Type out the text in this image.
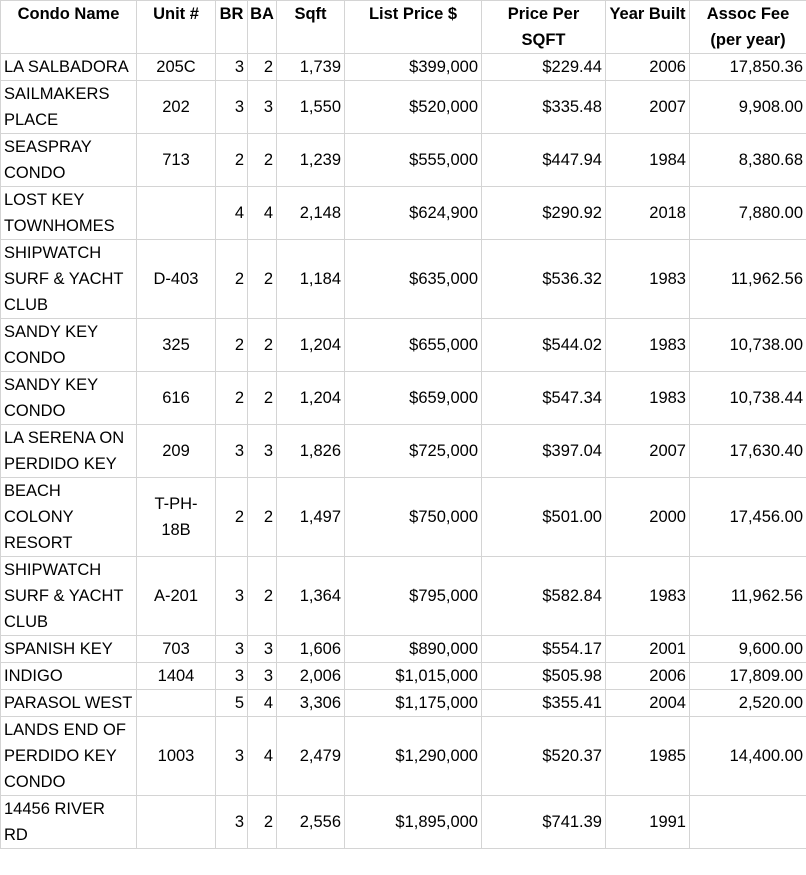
Condo Name	Unit #	BR	BA	Sqft	List Price $	Price Per SQFT	Year Built	Assoc Fee (per year)
LA SALBADORA	205C	3	2	1,739	$399,000	$229.44	2006	17,850.36
SAILMAKERS PLACE	202	3	3	1,550	$520,000	$335.48	2007	9,908.00
SEASPRAY CONDO	713	2	2	1,239	$555,000	$447.94	1984	8,380.68
LOST KEY TOWNHOMES		4	4	2,148	$624,900	$290.92	2018	7,880.00
SHIPWATCH SURF & YACHT CLUB	D-403	2	2	1,184	$635,000	$536.32	1983	11,962.56
SANDY KEY CONDO	325	2	2	1,204	$655,000	$544.02	1983	10,738.00
SANDY KEY CONDO	616	2	2	1,204	$659,000	$547.34	1983	10,738.44
LA SERENA ON PERDIDO KEY	209	3	3	1,826	$725,000	$397.04	2007	17,630.40
BEACH COLONY RESORT	T-PH-18B	2	2	1,497	$750,000	$501.00	2000	17,456.00
SHIPWATCH SURF & YACHT CLUB	A-201	3	2	1,364	$795,000	$582.84	1983	11,962.56
SPANISH KEY	703	3	3	1,606	$890,000	$554.17	2001	9,600.00
INDIGO	1404	3	3	2,006	$1,015,000	$505.98	2006	17,809.00
PARASOL WEST		5	4	3,306	$1,175,000	$355.41	2004	2,520.00
LANDS END OF PERDIDO KEY CONDO	1003	3	4	2,479	$1,290,000	$520.37	1985	14,400.00
14456 RIVER RD		3	2	2,556	$1,895,000	$741.39	1991	
